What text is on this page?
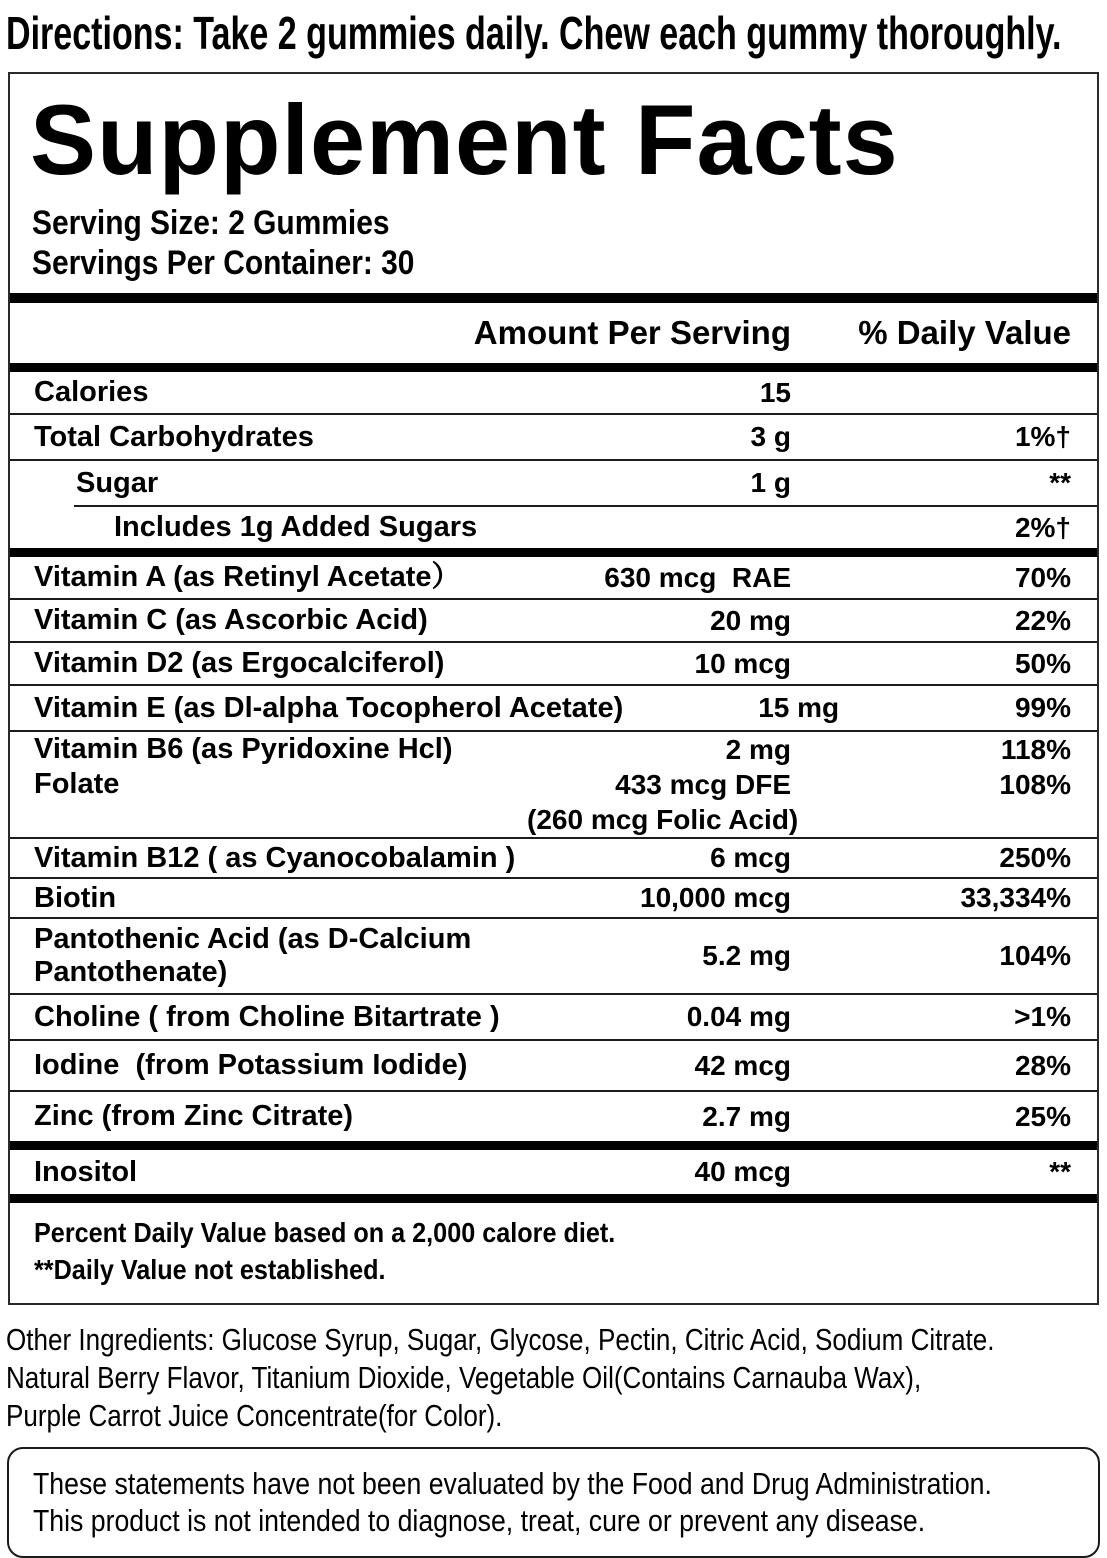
Directions: Take 2 gummies daily. Chew each gummy thoroughly.
Supplement Facts
Serving Size: 2 Gummies
Servings Per Container: 30
Amount Per Serving	% Daily Value
Calories	15
Total Carbohydrates	3 g	1%†
Sugar	1 g	**
Includes 1g Added Sugars	2%†
Vitamin A (as Retinyl Acetate）	630 mcg  RAE	70%
Vitamin C (as Ascorbic Acid)	20 mg	22%
Vitamin D2 (as Ergocalciferol)	10 mcg	50%
Vitamin E (as Dl-alpha Tocopherol Acetate)	15 mg	99%
Vitamin B6 (as Pyridoxine Hcl)	2 mg	118%
Folate	433 mcg DFE	108%
(260 mcg Folic Acid)
Vitamin B12 ( as Cyanocobalamin )	6 mcg	250%
Biotin	10,000 mcg	33,334%
Pantothenic Acid (as D-Calcium
Pantothenate)
5.2 mg	104%
Choline ( from Choline Bitartrate )	0.04 mg	>1%
Iodine  (from Potassium Iodide)	42 mcg	28%
Zinc (from Zinc Citrate)	2.7 mg	25%
Inositol	40 mcg	**
Percent Daily Value based on a 2,000 calore diet.
**Daily Value not established.
Other Ingredients: Glucose Syrup, Sugar, Glycose, Pectin, Citric Acid, Sodium Citrate.
Natural Berry Flavor, Titanium Dioxide, Vegetable Oil(Contains Carnauba Wax),
Purple Carrot Juice Concentrate(for Color).
These statements have not been evaluated by the Food and Drug Administration.
This product is not intended to diagnose, treat, cure or prevent any disease.
